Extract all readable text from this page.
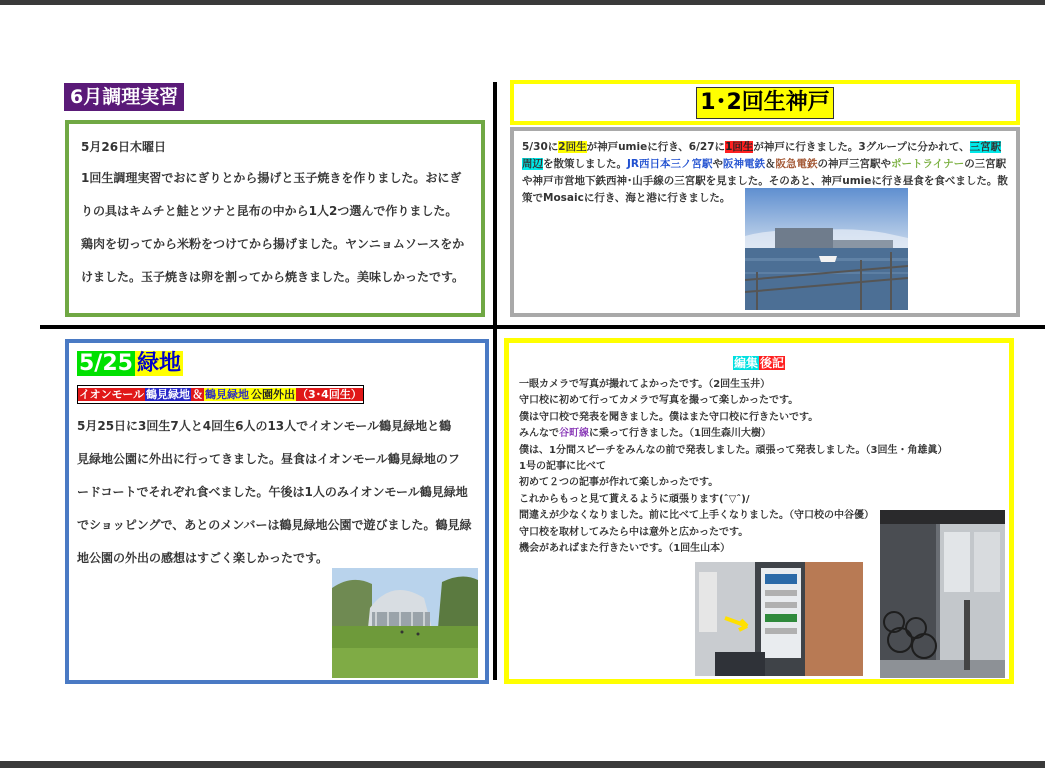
6月調理実習

5月26日木曜日

1回生調理実習でおにぎりとから揚げと玉子焼きを作りました。おにぎ

りの具はキムチと鮭とツナと昆布の中から1人2つ選んで作りました。

鶏肉を切ってから米粉をつけてから揚げました。ヤンニョムソースをか

けました。玉子焼きは卵を割ってから焼きました。美味しかったです。

1･2回生神戸
5/30に2回生が神戸umieに行き、6/27に1回生が神戸に行きました。3グループに分かれて、三宮駅周辺を散策しました。JR西日本三ノ宮駅や阪神電鉄＆阪急電鉄の神戸三宮駅やポートライナーの三宮駅や神戸市営地下鉄西神･山手線の三宮駅を見ました。そのあと、神戸umieに行き昼食を食べました。散策でMosaicに行き、海と港に行きました。
5/25 緑地
イオンモール 鶴見緑地 ＆ 鶴見緑地 公園外出 （3･4回生）
5月25日に3回生7人と4回生6人の13人でイオンモール鶴見緑地と鶴
見緑地公園に外出に行ってきました。昼食はイオンモール鶴見緑地のフ
ードコートでそれぞれ食べました。午後は1人のみイオンモール鶴見緑地
でショッピングで、あとのメンバーは鶴見緑地公園で遊びました。鶴見緑
地公園の外出の感想はすごく楽しかったです。
編集 後記
一眼カメラで写真が撮れてよかったです。（2回生玉井）
守口校に初めて行ってカメラで写真を撮って楽しかったです。
僕は守口校で発表を聞きました。僕はまた守口校に行きたいです。
みんなで谷町線に乗って行きました。（1回生森川大樹）
僕は、1分間スピーチをみんなの前で発表しました。頑張って発表しました。（3回生・角雄眞）
1号の記事に比べて
初めて２つの記事が作れて楽しかったです。
これからもっと見て貰えるように頑張ります(ˆ▽ˆ)/
間違えが少なくなりました。前に比べて上手くなりました。（守口校の中谷優）
守口校を取材してみたら中は意外と広かったです。
機会があればまた行きたいです。（1回生山本）
